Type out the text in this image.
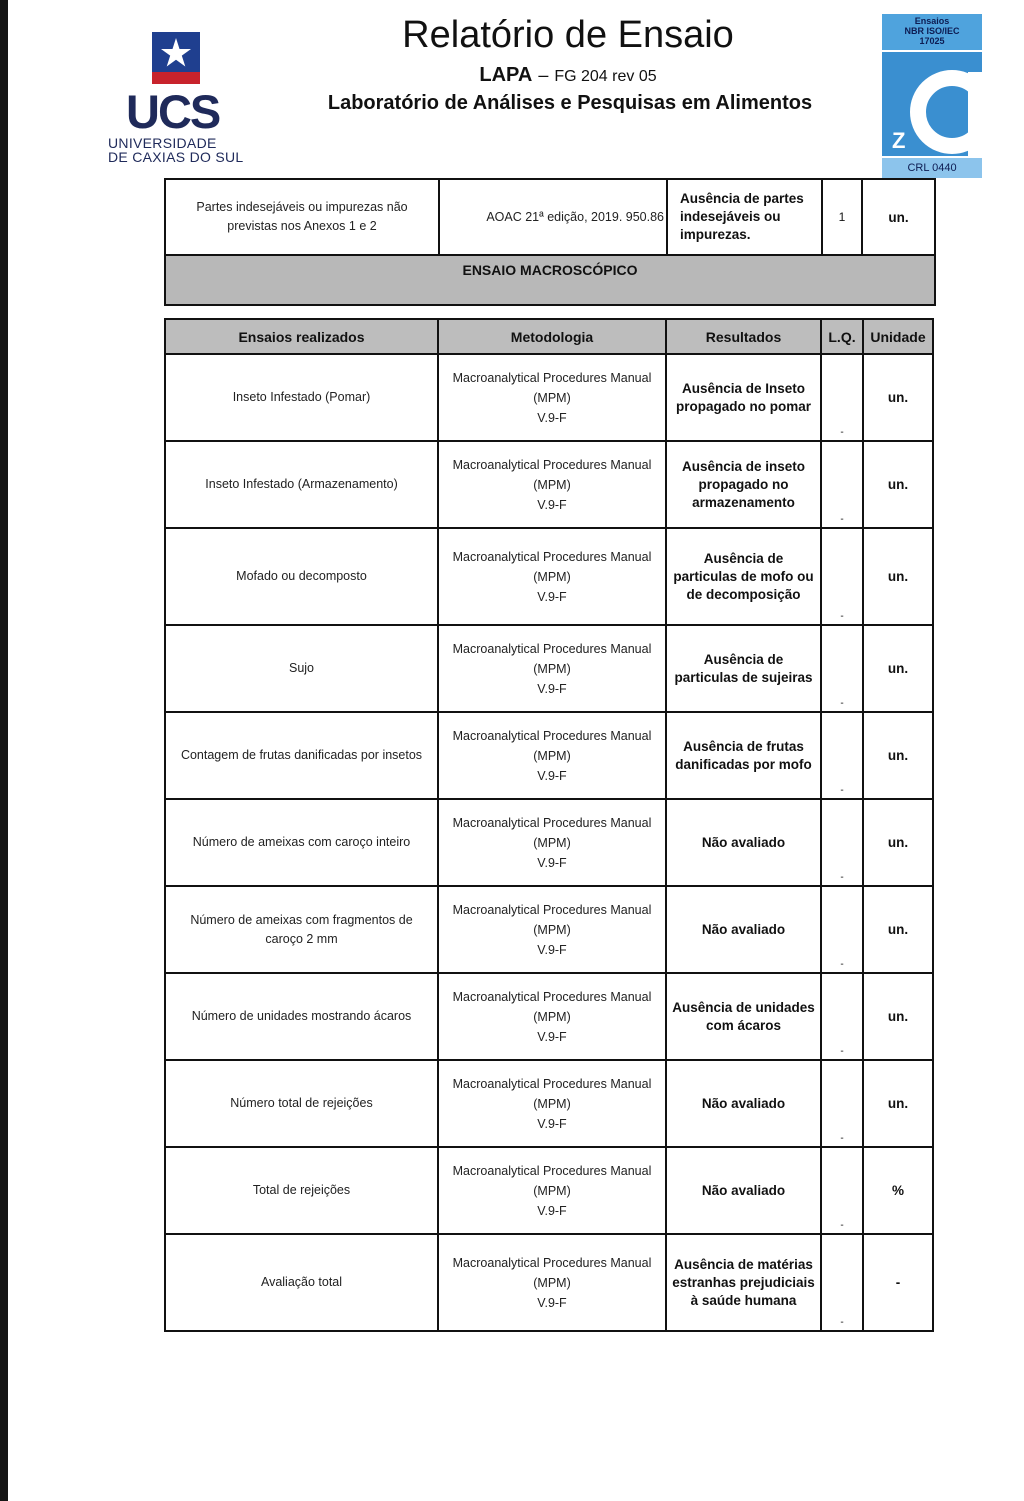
UCS
UNIVERSIDADE
DE CAXIAS DO SUL
Relatório de Ensaio
LAPA – FG 204 rev 05
Laboratório de Análises e Pesquisas em Alimentos
Ensaios
NBR ISO/IEC
17025
Z
CRL 0440
Partes indesejáveis ou impurezas não previstas nos Anexos 1 e 2	AOAC 21ª edição, 2019. 950.86	Ausência de partes indesejáveis ou impurezas.	1	un.
ENSAIO MACROSCÓPICO
Ensaios realizados	Metodologia	Resultados	L.Q.	Unidade
Inseto Infestado (Pomar)	Macroanalytical Procedures Manual
(MPM)
V.9-F	Ausência de Inseto propagado no pomar	-	un.
Inseto Infestado (Armazenamento)	Macroanalytical Procedures Manual
(MPM)
V.9-F	Ausência de inseto propagado no armazenamento	-	un.
Mofado ou decomposto	Macroanalytical Procedures Manual
(MPM)
V.9-F	Ausência de particulas de mofo ou de decomposição	-	un.
Sujo	Macroanalytical Procedures Manual
(MPM)
V.9-F	Ausência de particulas de sujeiras	-	un.
Contagem de frutas danificadas por insetos	Macroanalytical Procedures Manual
(MPM)
V.9-F	Ausência de frutas danificadas por mofo	-	un.
Número de ameixas com caroço inteiro	Macroanalytical Procedures Manual
(MPM)
V.9-F	Não avaliado	-	un.
Número de ameixas com fragmentos de caroço 2 mm	Macroanalytical Procedures Manual
(MPM)
V.9-F	Não avaliado	-	un.
Número de unidades mostrando ácaros	Macroanalytical Procedures Manual
(MPM)
V.9-F	Ausência de unidades com ácaros	-	un.
Número total de rejeições	Macroanalytical Procedures Manual
(MPM)
V.9-F	Não avaliado	-	un.
Total de rejeições	Macroanalytical Procedures Manual
(MPM)
V.9-F	Não avaliado	-	%
Avaliação total	Macroanalytical Procedures Manual
(MPM)
V.9-F	Ausência de matérias estranhas prejudiciais à saúde humana	-	-
